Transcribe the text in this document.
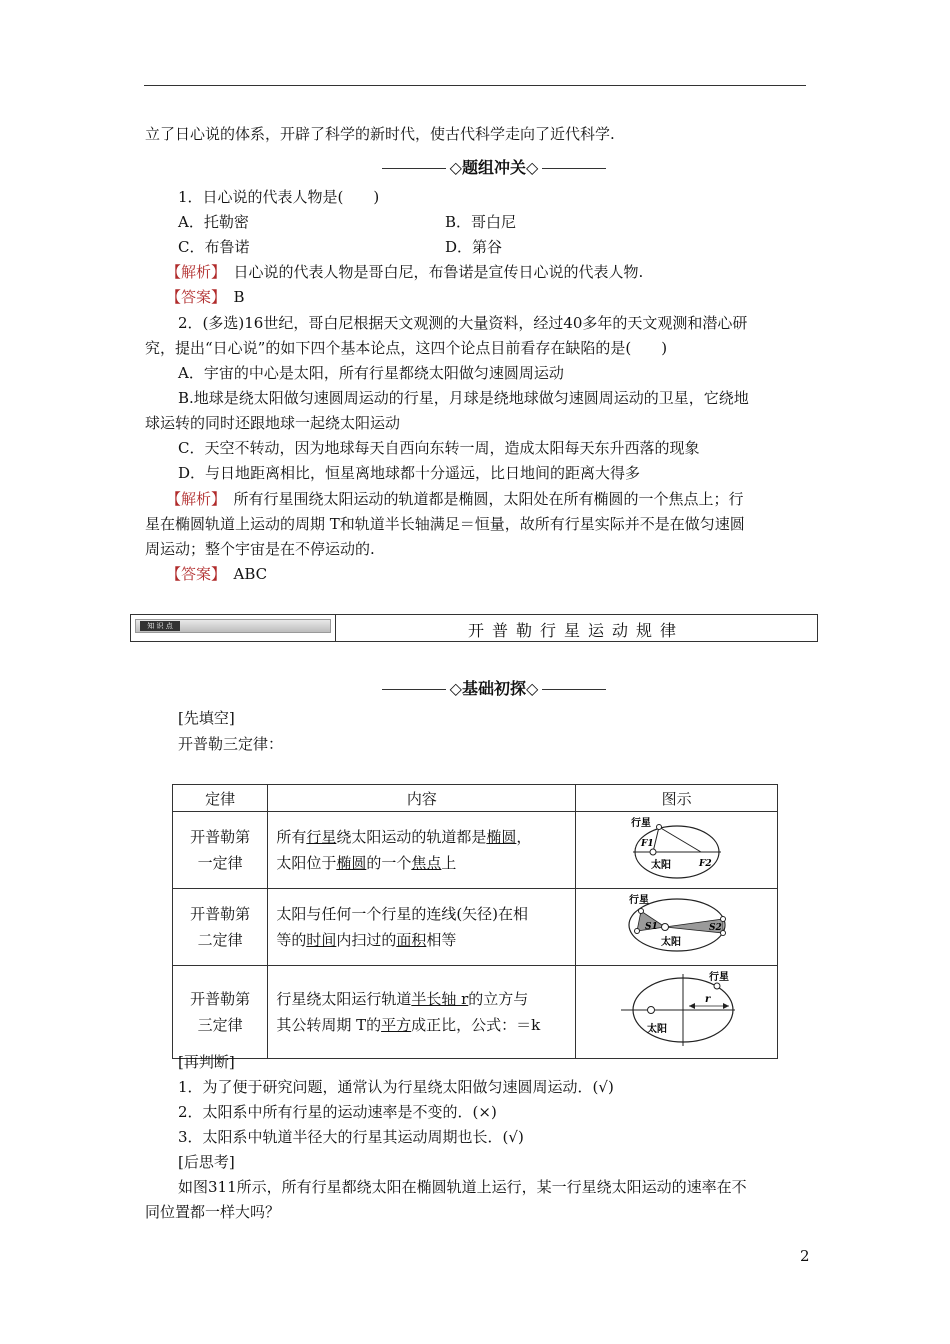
立了日心说的体系，开辟了科学的新时代，使古代科学走向了近代科学.
◇题组冲关◇
1．日心说的代表人物是(　　)
A．托勒密	B．哥白尼
C．布鲁诺	D．第谷
【解析】　 日心说的代表人物是哥白尼，布鲁诺是宣传日心说的代表人物.
【答案】　 B
2．(多选)16世纪，哥白尼根据天文观测的大量资料，经过40多年的天文观测和潜心研
究，提出“日心说”的如下四个基本论点，这四个论点目前看存在缺陷的是(　　)
A．宇宙的中心是太阳，所有行星都绕太阳做匀速圆周运动
B.地球是绕太阳做匀速圆周运动的行星，月球是绕地球做匀速圆周运动的卫星，它绕地
球运转的同时还跟地球一起绕太阳运动
C．天空不转动，因为地球每天自西向东转一周，造成太阳每天东升西落的现象
D．与日地距离相比，恒星离地球都十分遥远，比日地间的距离大得多
【解析】　 所有行星围绕太阳运动的轨道都是椭圆，太阳处在所有椭圆的一个焦点上；行
星在椭圆轨道上运动的周期 T和轨道半长轴满足＝恒量，故所有行星实际并不是在做匀速圆
周运动；整个宇宙是在不停运动的.
【答案】　 ABC
知 识 点	开普勒行星运动规律
◇基础初探◇
[先填空]
开普勒三定律：
定律	内容	图示
开普勒第
一定律	所有行星绕太阳运动的轨道都是椭圆，
太阳位于椭圆的一个焦点上	行星
F1
太阳 F2

开普勒第
二定律	太阳与任何一个行星的连线(矢径)在相
等的时间内扫过的面积相等	行星
S1 S2
太阳

开普勒第
三定律	行星绕太阳运行轨道半长轴 r的立方与
其公转周期 T的平方成正比，公式：＝k	行星
r
太阳
[再判断]
1．为了便于研究问题，通常认为行星绕太阳做匀速圆周运动．(√)
2．太阳系中所有行星的运动速率是不变的．(×)
3．太阳系中轨道半径大的行星其运动周期也长．(√)
[后思考]
如图311所示，所有行星都绕太阳在椭圆轨道上运行，某一行星绕太阳运动的速率在不
同位置都一样大吗？
2
